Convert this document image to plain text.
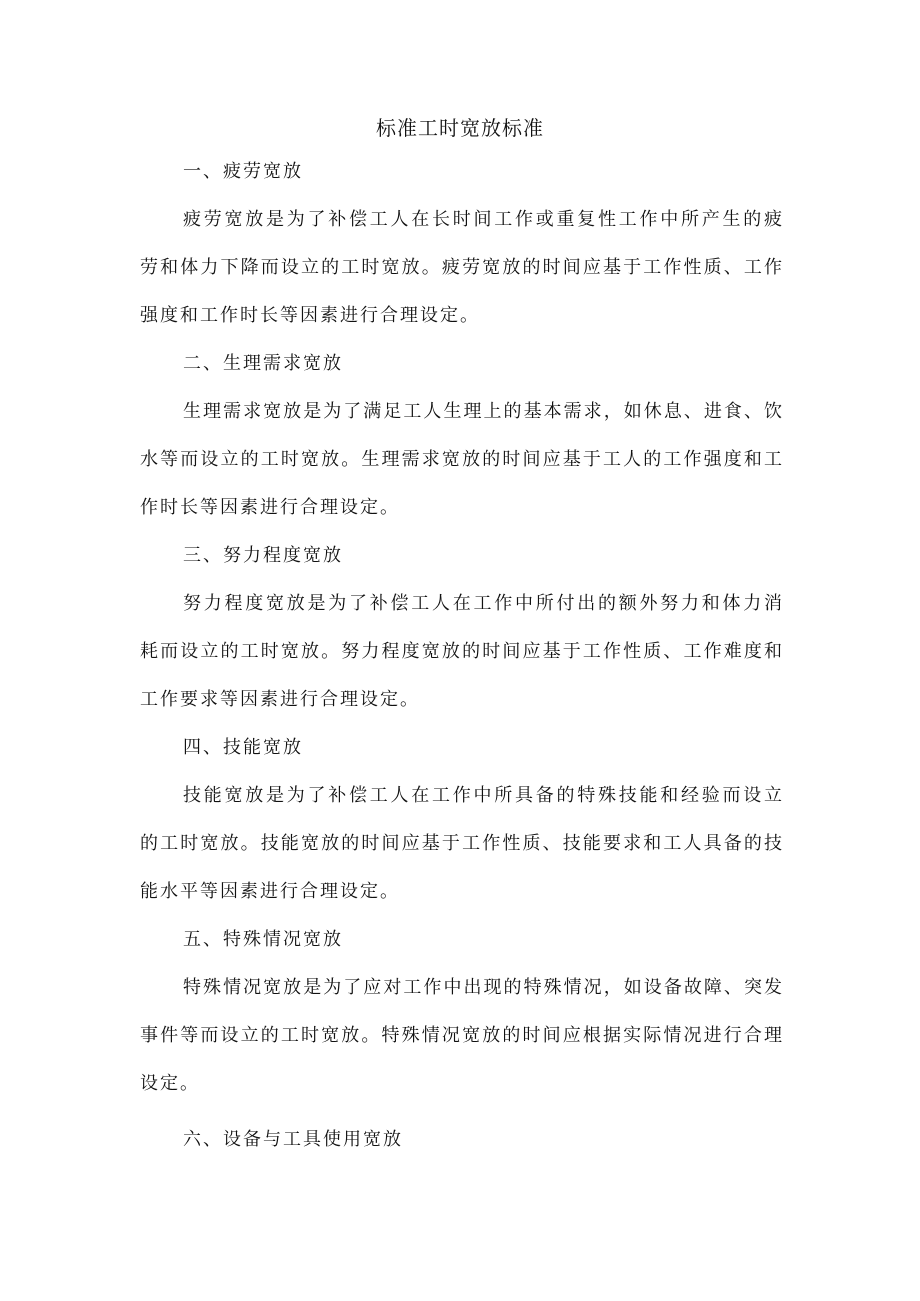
标准工时宽放标准

一、疲劳宽放

疲劳宽放是为了补偿工人在长时间工作或重复性工作中所产生的疲

劳和体力下降而设立的工时宽放。疲劳宽放的时间应基于工作性质、工作

强度和工作时长等因素进行合理设定。

二、生理需求宽放

生理需求宽放是为了满足工人生理上的基本需求，如休息、进食、饮

水等而设立的工时宽放。生理需求宽放的时间应基于工人的工作强度和工

作时长等因素进行合理设定。

三、努力程度宽放

努力程度宽放是为了补偿工人在工作中所付出的额外努力和体力消

耗而设立的工时宽放。努力程度宽放的时间应基于工作性质、工作难度和

工作要求等因素进行合理设定。

四、技能宽放

技能宽放是为了补偿工人在工作中所具备的特殊技能和经验而设立

的工时宽放。技能宽放的时间应基于工作性质、技能要求和工人具备的技

能水平等因素进行合理设定。

五、特殊情况宽放

特殊情况宽放是为了应对工作中出现的特殊情况，如设备故障、突发

事件等而设立的工时宽放。特殊情况宽放的时间应根据实际情况进行合理

设定。

六、设备与工具使用宽放
